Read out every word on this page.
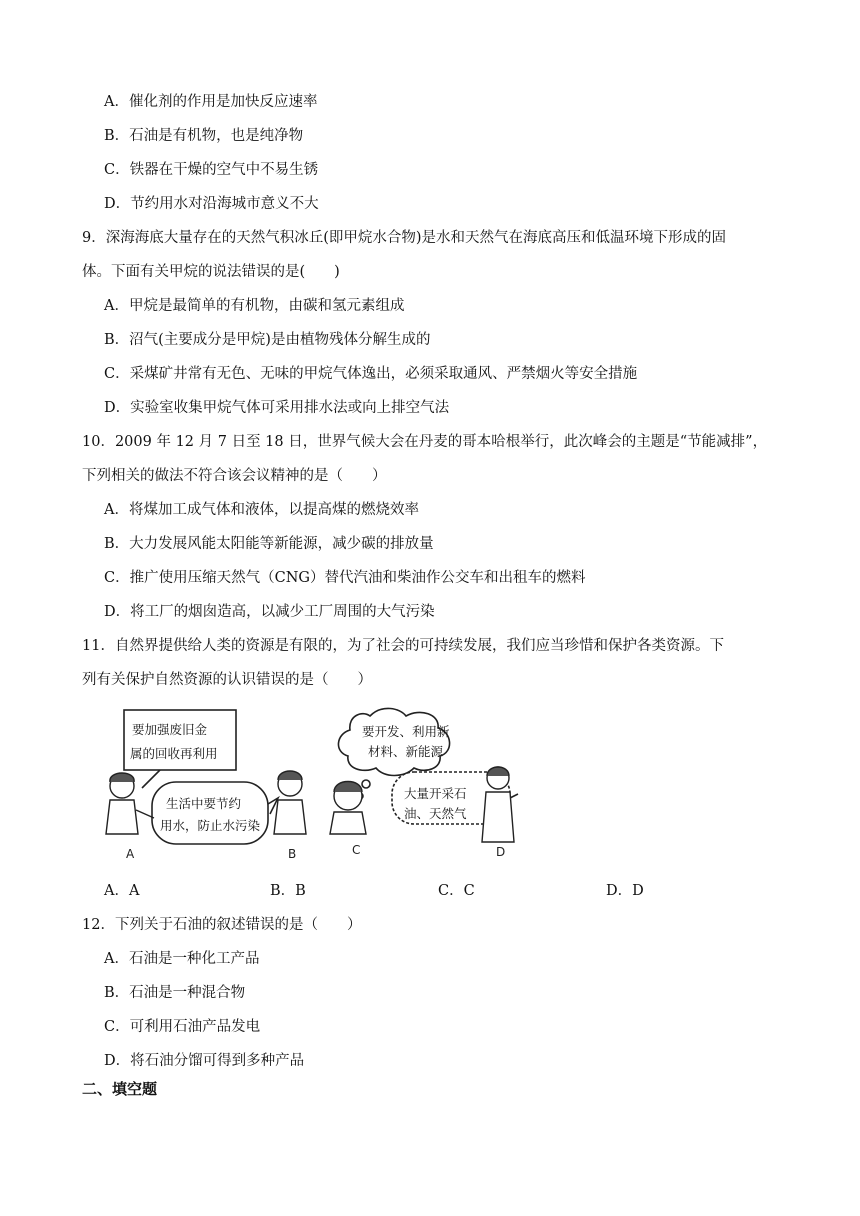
A．催化剂的作用是加快反应速率
B．石油是有机物，也是纯净物
C．铁器在干燥的空气中不易生锈
D．节约用水对沿海城市意义不大
9．深海海底大量存在的天然气积冰丘(即甲烷水合物)是水和天然气在海底高压和低温环境下形成的固
体。下面有关甲烷的说法错误的是(　　)
A．甲烷是最简单的有机物，由碳和氢元素组成
B．沼气(主要成分是甲烷)是由植物残体分解生成的
C．采煤矿井常有无色、无味的甲烷气体逸出，必须采取通风、严禁烟火等安全措施
D．实验室收集甲烷气体可采用排水法或向上排空气法
10．2009 年 12 月 7 日至 18 日，世界气候大会在丹麦的哥本哈根举行，此次峰会的主题是“节能减排”，
下列相关的做法不符合该会议精神的是（　　）
A．将煤加工成气体和液体，以提高煤的燃烧效率
B．大力发展风能太阳能等新能源，减少碳的排放量
C．推广使用压缩天然气（CNG）替代汽油和柴油作公交车和出租车的燃料
D．将工厂的烟囱造高，以减少工厂周围的大气污染
11．自然界提供给人类的资源是有限的，为了社会的可持续发展，我们应当珍惜和保护各类资源。下
列有关保护自然资源的认识错误的是（　　）
要加强废旧金
属的回收再利用
生活中要节约
用水，防止水污染
要开发、利用新
材料、新能源
大量开采石
油、天然气
A	B	C	D
A．A	B．B	C．C	D．D
12．下列关于石油的叙述错误的是（　　）
A．石油是一种化工产品
B．石油是一种混合物
C．可利用石油产品发电
D．将石油分馏可得到多种产品
二、填空题
